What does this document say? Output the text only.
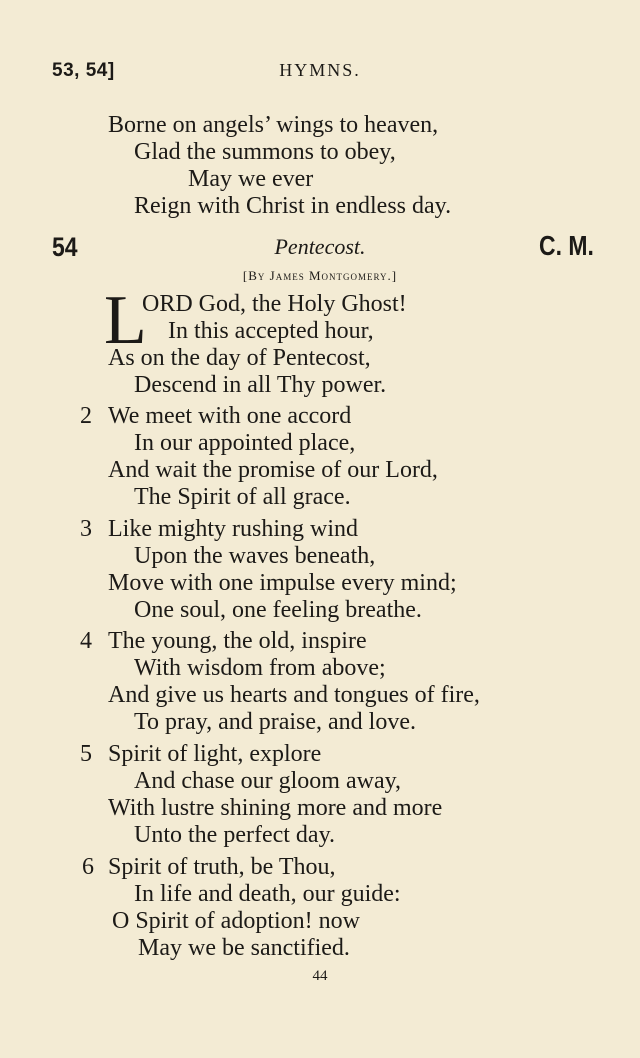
53, 54]	HYMNS.
Borne on angels’ wings to heaven,
Glad the summons to obey,
May we ever
Reign with Christ in endless day.
54	Pentecost.	C. M.
[By James Montgomery.]
L
ORD God, the Holy Ghost!
In this accepted hour,
As on the day of Pentecost,
Descend in all Thy power.
2 We meet with one accord
In our appointed place,
And wait the promise of our Lord,
The Spirit of all grace.
3 Like mighty rushing wind
Upon the waves beneath,
Move with one impulse every mind;
One soul, one feeling breathe.
4 The young, the old, inspire
With wisdom from above;
And give us hearts and tongues of fire,
To pray, and praise, and love.
5 Spirit of light, explore
And chase our gloom away,
With lustre shining more and more
Unto the perfect day.
6 Spirit of truth, be Thou,
In life and death, our guide:
O Spirit of adoption! now
May we be sanctified.
44
